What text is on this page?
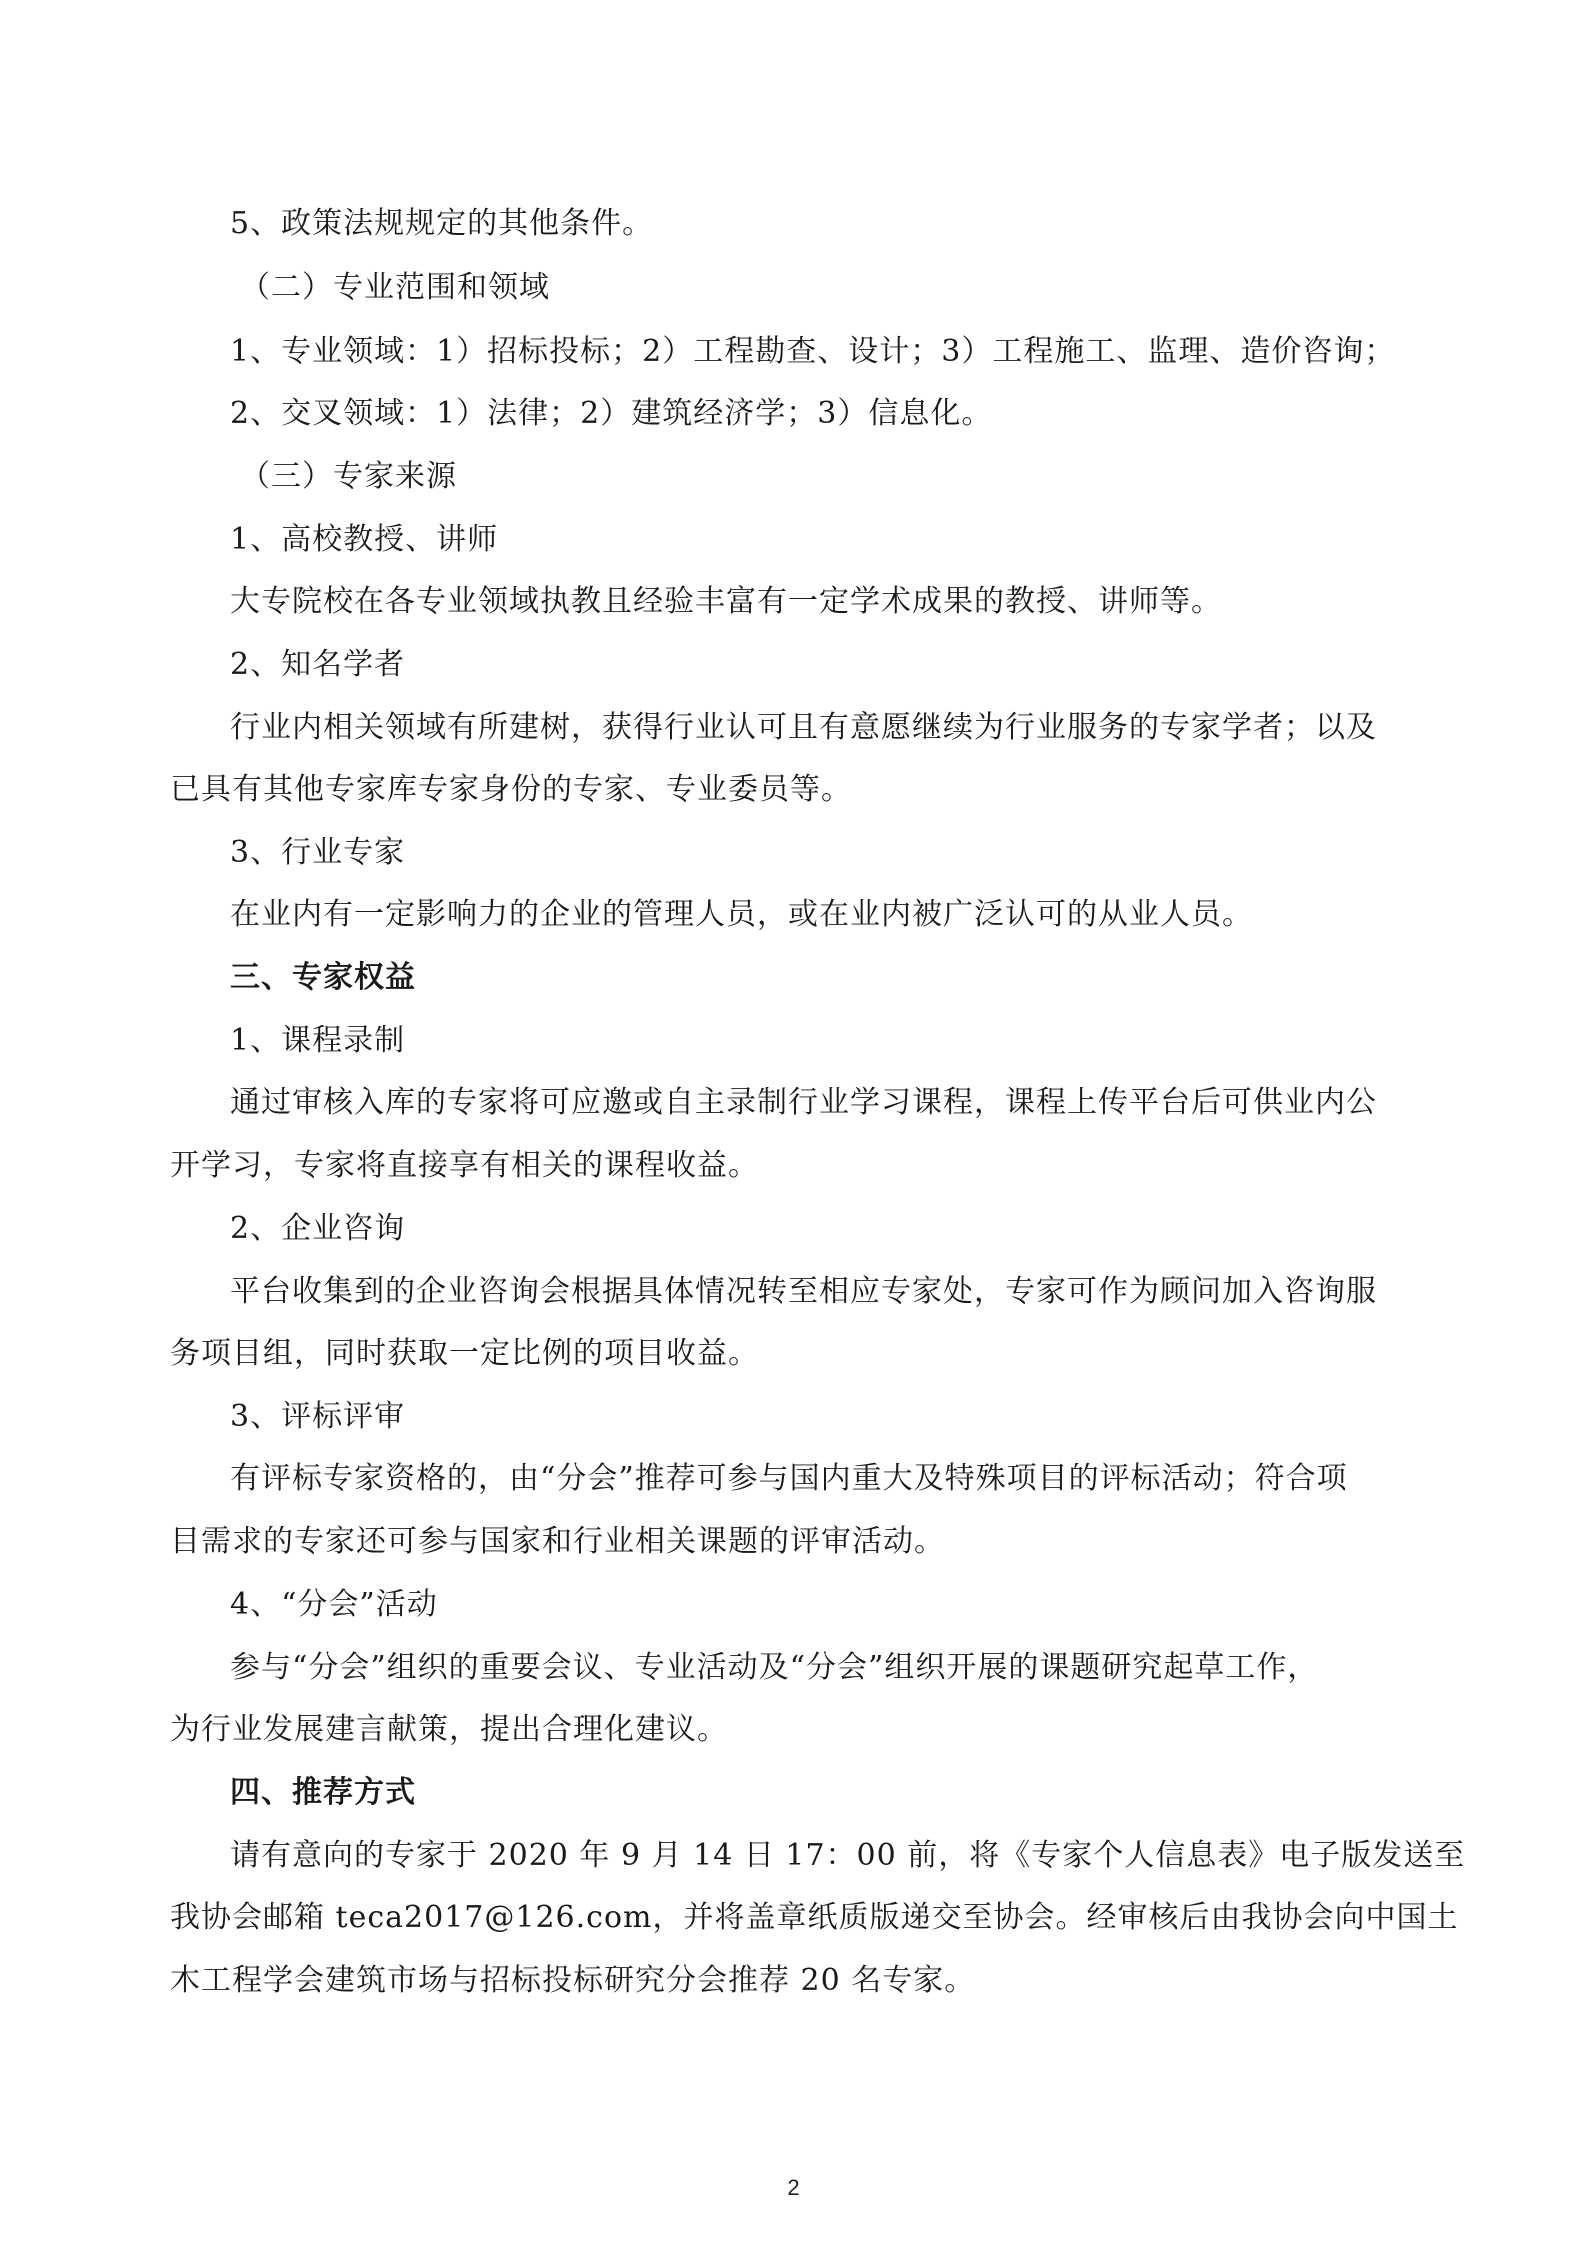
5、政策法规规定的其他条件。
（二）专业范围和领域
1、专业领域：1）招标投标；2）工程勘查、设计；3）工程施工、监理、造价咨询；
2、交叉领域：1）法律；2）建筑经济学；3）信息化。
（三）专家来源
1、高校教授、讲师
大专院校在各专业领域执教且经验丰富有一定学术成果的教授、讲师等。
2、知名学者
行业内相关领域有所建树，获得行业认可且有意愿继续为行业服务的专家学者；以及
已具有其他专家库专家身份的专家、专业委员等。
3、行业专家
在业内有一定影响力的企业的管理人员，或在业内被广泛认可的从业人员。
三、专家权益
1、课程录制
通过审核入库的专家将可应邀或自主录制行业学习课程，课程上传平台后可供业内公
开学习，专家将直接享有相关的课程收益。
2、企业咨询
平台收集到的企业咨询会根据具体情况转至相应专家处，专家可作为顾问加入咨询服
务项目组，同时获取一定比例的项目收益。
3、评标评审
有评标专家资格的，由“分会”推荐可参与国内重大及特殊项目的评标活动；符合项
目需求的专家还可参与国家和行业相关课题的评审活动。
4、“分会”活动
参与“分会”组织的重要会议、专业活动及“分会”组织开展的课题研究起草工作，
为行业发展建言献策，提出合理化建议。
四、推荐方式
请有意向的专家于 2020 年 9 月 14 日 17：00 前，将《专家个人信息表》电子版发送至
我协会邮箱 teca2017@126.com，并将盖章纸质版递交至协会。经审核后由我协会向中国土
木工程学会建筑市场与招标投标研究分会推荐 20 名专家。
2
